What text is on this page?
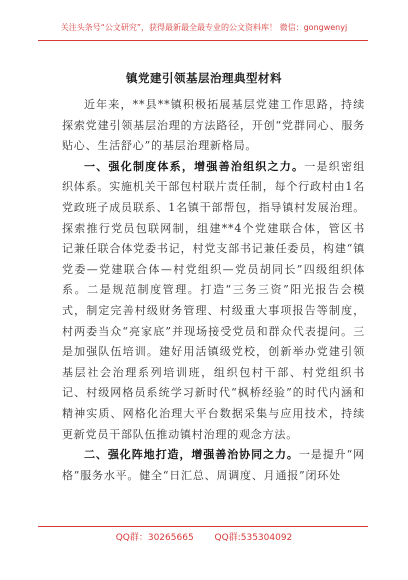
关注头条号“公文研究”，获得最新最全最专业的公文资料库！ 微信：gongwenyj
镇党建引领基层治理典型材料

近年来，**县**镇积极拓展基层党建工作思路，持续探索党建引领基层治理的方法路径，开创“党群同心、服务贴心、生活舒心”的基层治理新格局。

一、强化制度体系，增强善治组织之力。一是织密组织体系。实施机关干部包村联片责任制，每个行政村由1名党政班子成员联系、1名镇干部帮包，指导镇村发展治理。探索推行党员包联网制，组建**4个党建联合体，管区书记兼任联合体党委书记，村党支部书记兼任委员，构建“镇党委—党建联合体—村党组织—党员胡同长”四级组织体系。二是规范制度管理。打造“三务三资”阳光报告会模式，制定完善村级财务管理、村级重大事项报告等制度，村两委当众“亮家底”并现场接受党员和群众代表提问。三是加强队伍培训。建好用活镇级党校，创新举办党建引领基层社会治理系列培训班，组织包村干部、村党组织书记、村级网格员系统学习新时代“枫桥经验”的时代内涵和精神实质、网格化治理大平台数据采集与应用技术，持续更新党员干部队伍推动镇村治理的观念方法。

二、强化阵地打造，增强善治协同之力。一是提升“网格”服务水平。健全“日汇总、周调度、月通报”闭环处

QQ群：30265665 QQ群:535304092
